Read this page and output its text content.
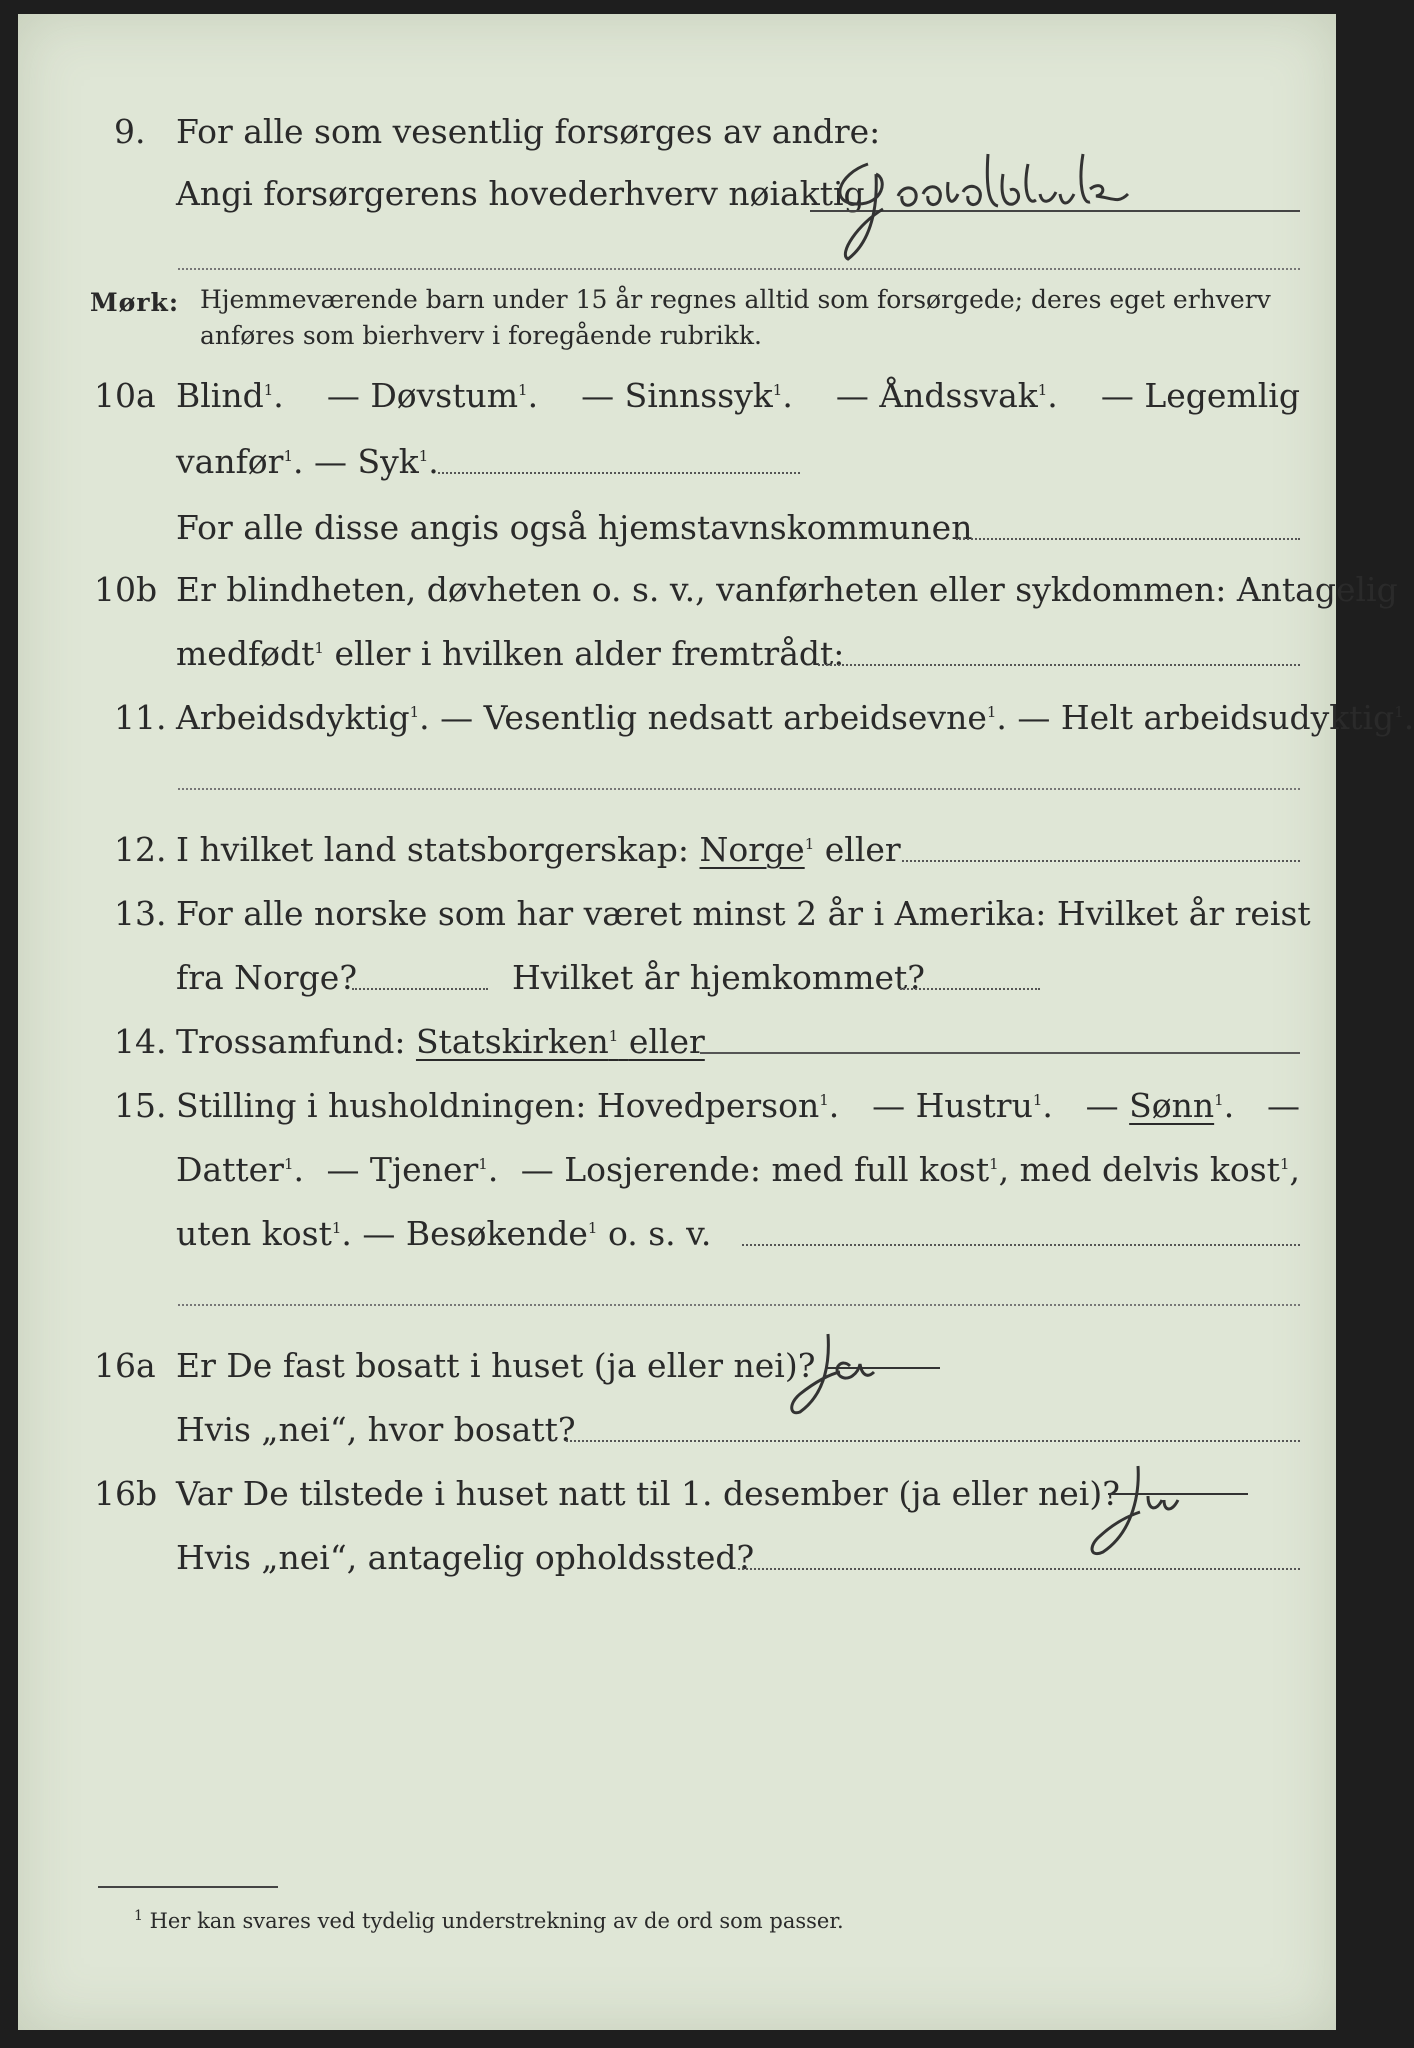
9. For alle som vesentlig forsørges av andre:
Angi forsørgerens hovederhverv nøiaktig
Mørk: Hjemmeværende barn under 15 år regnes alltid som forsørgede; deres eget erhverv
anføres som bierhverv i foregående rubrikk.
10a Blind$^1$. — Døvstum$^1$. — Sinnssyk$^1$. — Åndssvak$^1$. — Legemlig
vanfør$^1$. — Syk$^1$.
For alle disse angis også hjemstavnskommunen
10b Er blindheten, døvheten o. s. v., vanførheten eller sykdommen: Antagelig
medfødt$^1$ eller i hvilken alder fremtrådt:
11. Arbeidsdyktig$^1$. — Vesentlig nedsatt arbeidsevne$^1$. — Helt arbeidsudyktig$^1$.
12. I hvilket land statsborgerskap: Norge$^1$ eller
13. For alle norske som har været minst 2 år i Amerika: Hvilket år reist
fra Norge?	Hvilket år hjemkommet?
14. Trossamfund: Statskirken$^1$ eller
15. Stilling i husholdningen: Hovedperson$^1$. — Hustru$^1$. — Sønn$^1$. —
Datter$^1$. — Tjener$^1$. — Losjerende: med full kost$^1$, med delvis kost$^1$,
uten kost$^1$. — Besøkende$^1$ o. s. v.
16a Er De fast bosatt i huset (ja eller nei)?
Hvis „nei“, hvor bosatt?
16b Var De tilstede i huset natt til 1. desember (ja eller nei)?
Hvis „nei“, antagelig opholdssted?
$^1$ Her kan svares ved tydelig understrekning av de ord som passer.
